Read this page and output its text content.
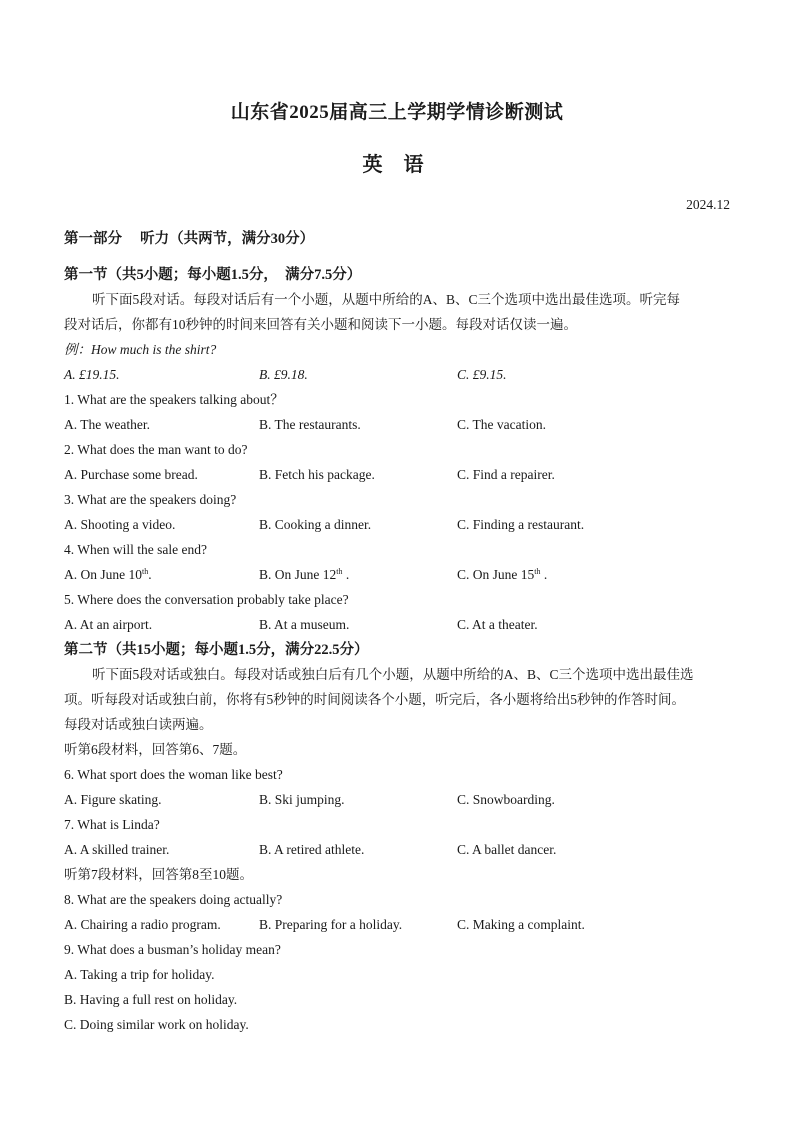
山东省2025届高三上学期学情诊断测试
英 语
2024.12
第一部分　 听力（共两节，满分30分）
第一节（共5小题；每小题1.5分，　满分7.5分）
听下面5段对话。每段对话后有一个小题，从题中所给的A、B、C三个选项中选出最佳选项。听完每
段对话后，你都有10秒钟的时间来回答有关小题和阅读下一小题。每段对话仅读一遍。
例：How much is the shirt?
A. £19.15.	B. £9.18.	C. £9.15.
1. What are the speakers talking about？
A. The weather.	B. The restaurants.	C. The vacation.
2. What does the man want to do?
A. Purchase some bread.	B. Fetch his package.	C. Find a repairer.
3. What are the speakers doing?
A. Shooting a video.	B. Cooking a dinner.	C. Finding a restaurant.
4. When will the sale end?
A. On June 10th.	B. On June 12th .	C. On June 15th .
5. Where does the conversation probably take place?
A. At an airport.	B. At a museum.	C. At a theater.
第二节（共15小题；每小题1.5分，满分22.5分）
听下面5段对话或独白。每段对话或独白后有几个小题，从题中所给的A、B、C三个选项中选出最佳选
项。听每段对话或独白前，你将有5秒钟的时间阅读各个小题，听完后，各小题将给出5秒钟的作答时间。
每段对话或独白读两遍。
听第6段材料，回答第6、7题。
6. What sport does the woman like best?
A. Figure skating.	B. Ski jumping.	C. Snowboarding.
7. What is Linda?
A. A skilled trainer.	B. A retired athlete.	C. A ballet dancer.
听第7段材料，回答第8至10题。
8. What are the speakers doing actually?
A. Chairing a radio program.	B. Preparing for a holiday.	C. Making a complaint.
9. What does a busman’s holiday mean?
A. Taking a trip for holiday.
B. Having a full rest on holiday.
C. Doing similar work on holiday.
